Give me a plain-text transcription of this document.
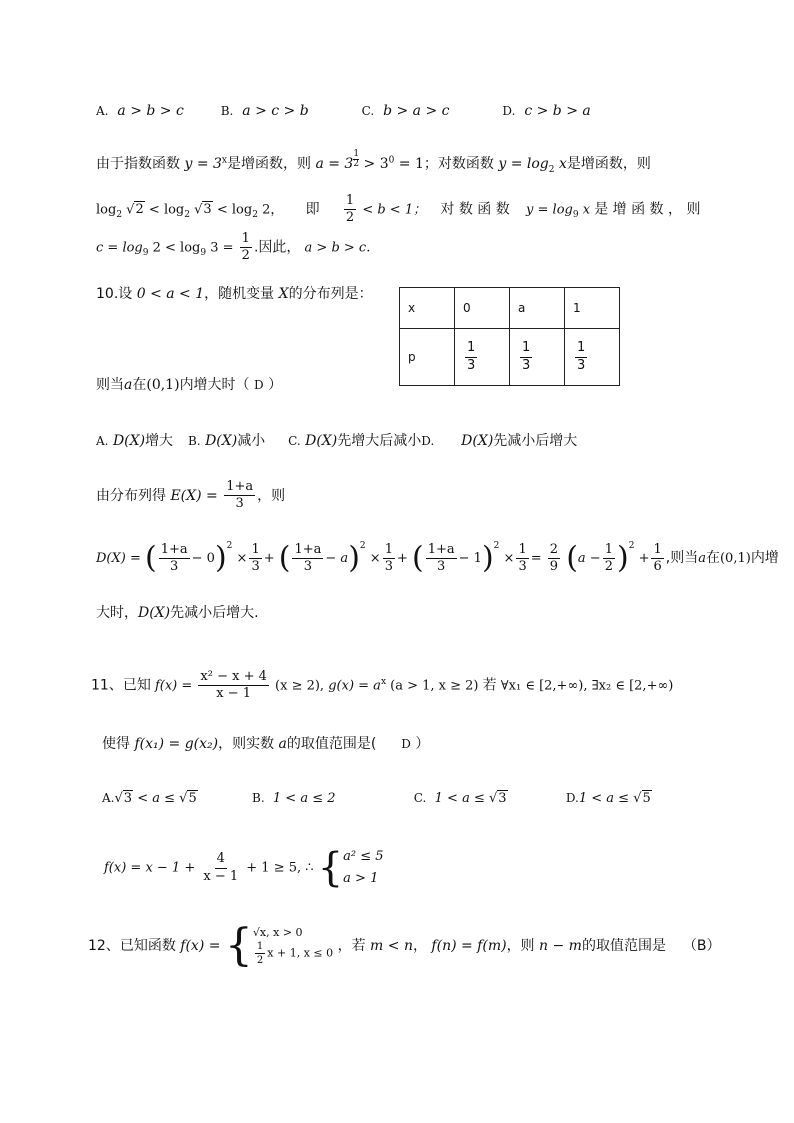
A. a > b > c	B. a > c > b	C. b > a > c	D. c > b > a
由于指数函数 $y = 3^x$是增函数，则 a = 3 $^{\frac{1}{2}} > 3^0 = 1$；对数函数 $y = \log_2 x$是增函数，则
$\log_2 √2 < \log_2 √3 < \log_2 2$， 即 $\frac{1}{2} < b < 1$； 对 数 函 数 $y = \log_9 x$ 是 增 函 数 ， 则
$c = \log_9 2 < \log_9 3 = \frac{1}{2}$ .因此， a > b > c.
10.设 0 < a < 1，随机变量 X的分布列是：
x	0	a	1
p	$\frac{1}{3}$	$\frac{1}{3}$	$\frac{1}{3}$
则当a在(0,1)内增大时（ D ）
A. D(X)增大 B. D(X)减小 C. D(X)先增大后减小D. D(X)先减小后增大
由分布列得 $E(X) = \frac{1+a}{3}$ ，则
D(X) = ( $\frac{1+a}{3} - 0)^2 \times \frac{1}{3}$ + ( $\frac{1+a}{3} - a)^2 \times \frac{1}{3}$ + ( $\frac{1+a}{3} - 1)^2 \times \frac{1}{3} = \frac{2}{9} (a - \frac{1}{2} )^2 + \frac{1}{6}$ ,则当a在(0,1)内增
大时，D(X)先减小后增大.
11、已知 $f(x) = \frac{\text{x² − x + 4}}{x - 1} (x \ge 2)$, $g(x) = a^x$ (a > 1, x ≥ 2) 若 ∀x₁ ∈ [2,+∞), ∃x₂ ∈ [2,+∞)
使得 f(x₁) = g(x₂)，则实数 a的取值范围是( D ）
A.√3 < a ≤ √5	B. 1 < a ≤ 2	C. 1 < a ≤ √3	D.1 < a ≤ √5
$f(x) = x - 1 + \frac{4}{x - 1} + 1 \ge 5$, ∴ { a² ≤ 5
a > 1
12、已知函数 f(x) = { √x, x > 0
$\frac{1}{2}$ x + 1, x ≤ 0 ，若 m < n， f(n) = f(m)，则 n − m的取值范围是 （B）
